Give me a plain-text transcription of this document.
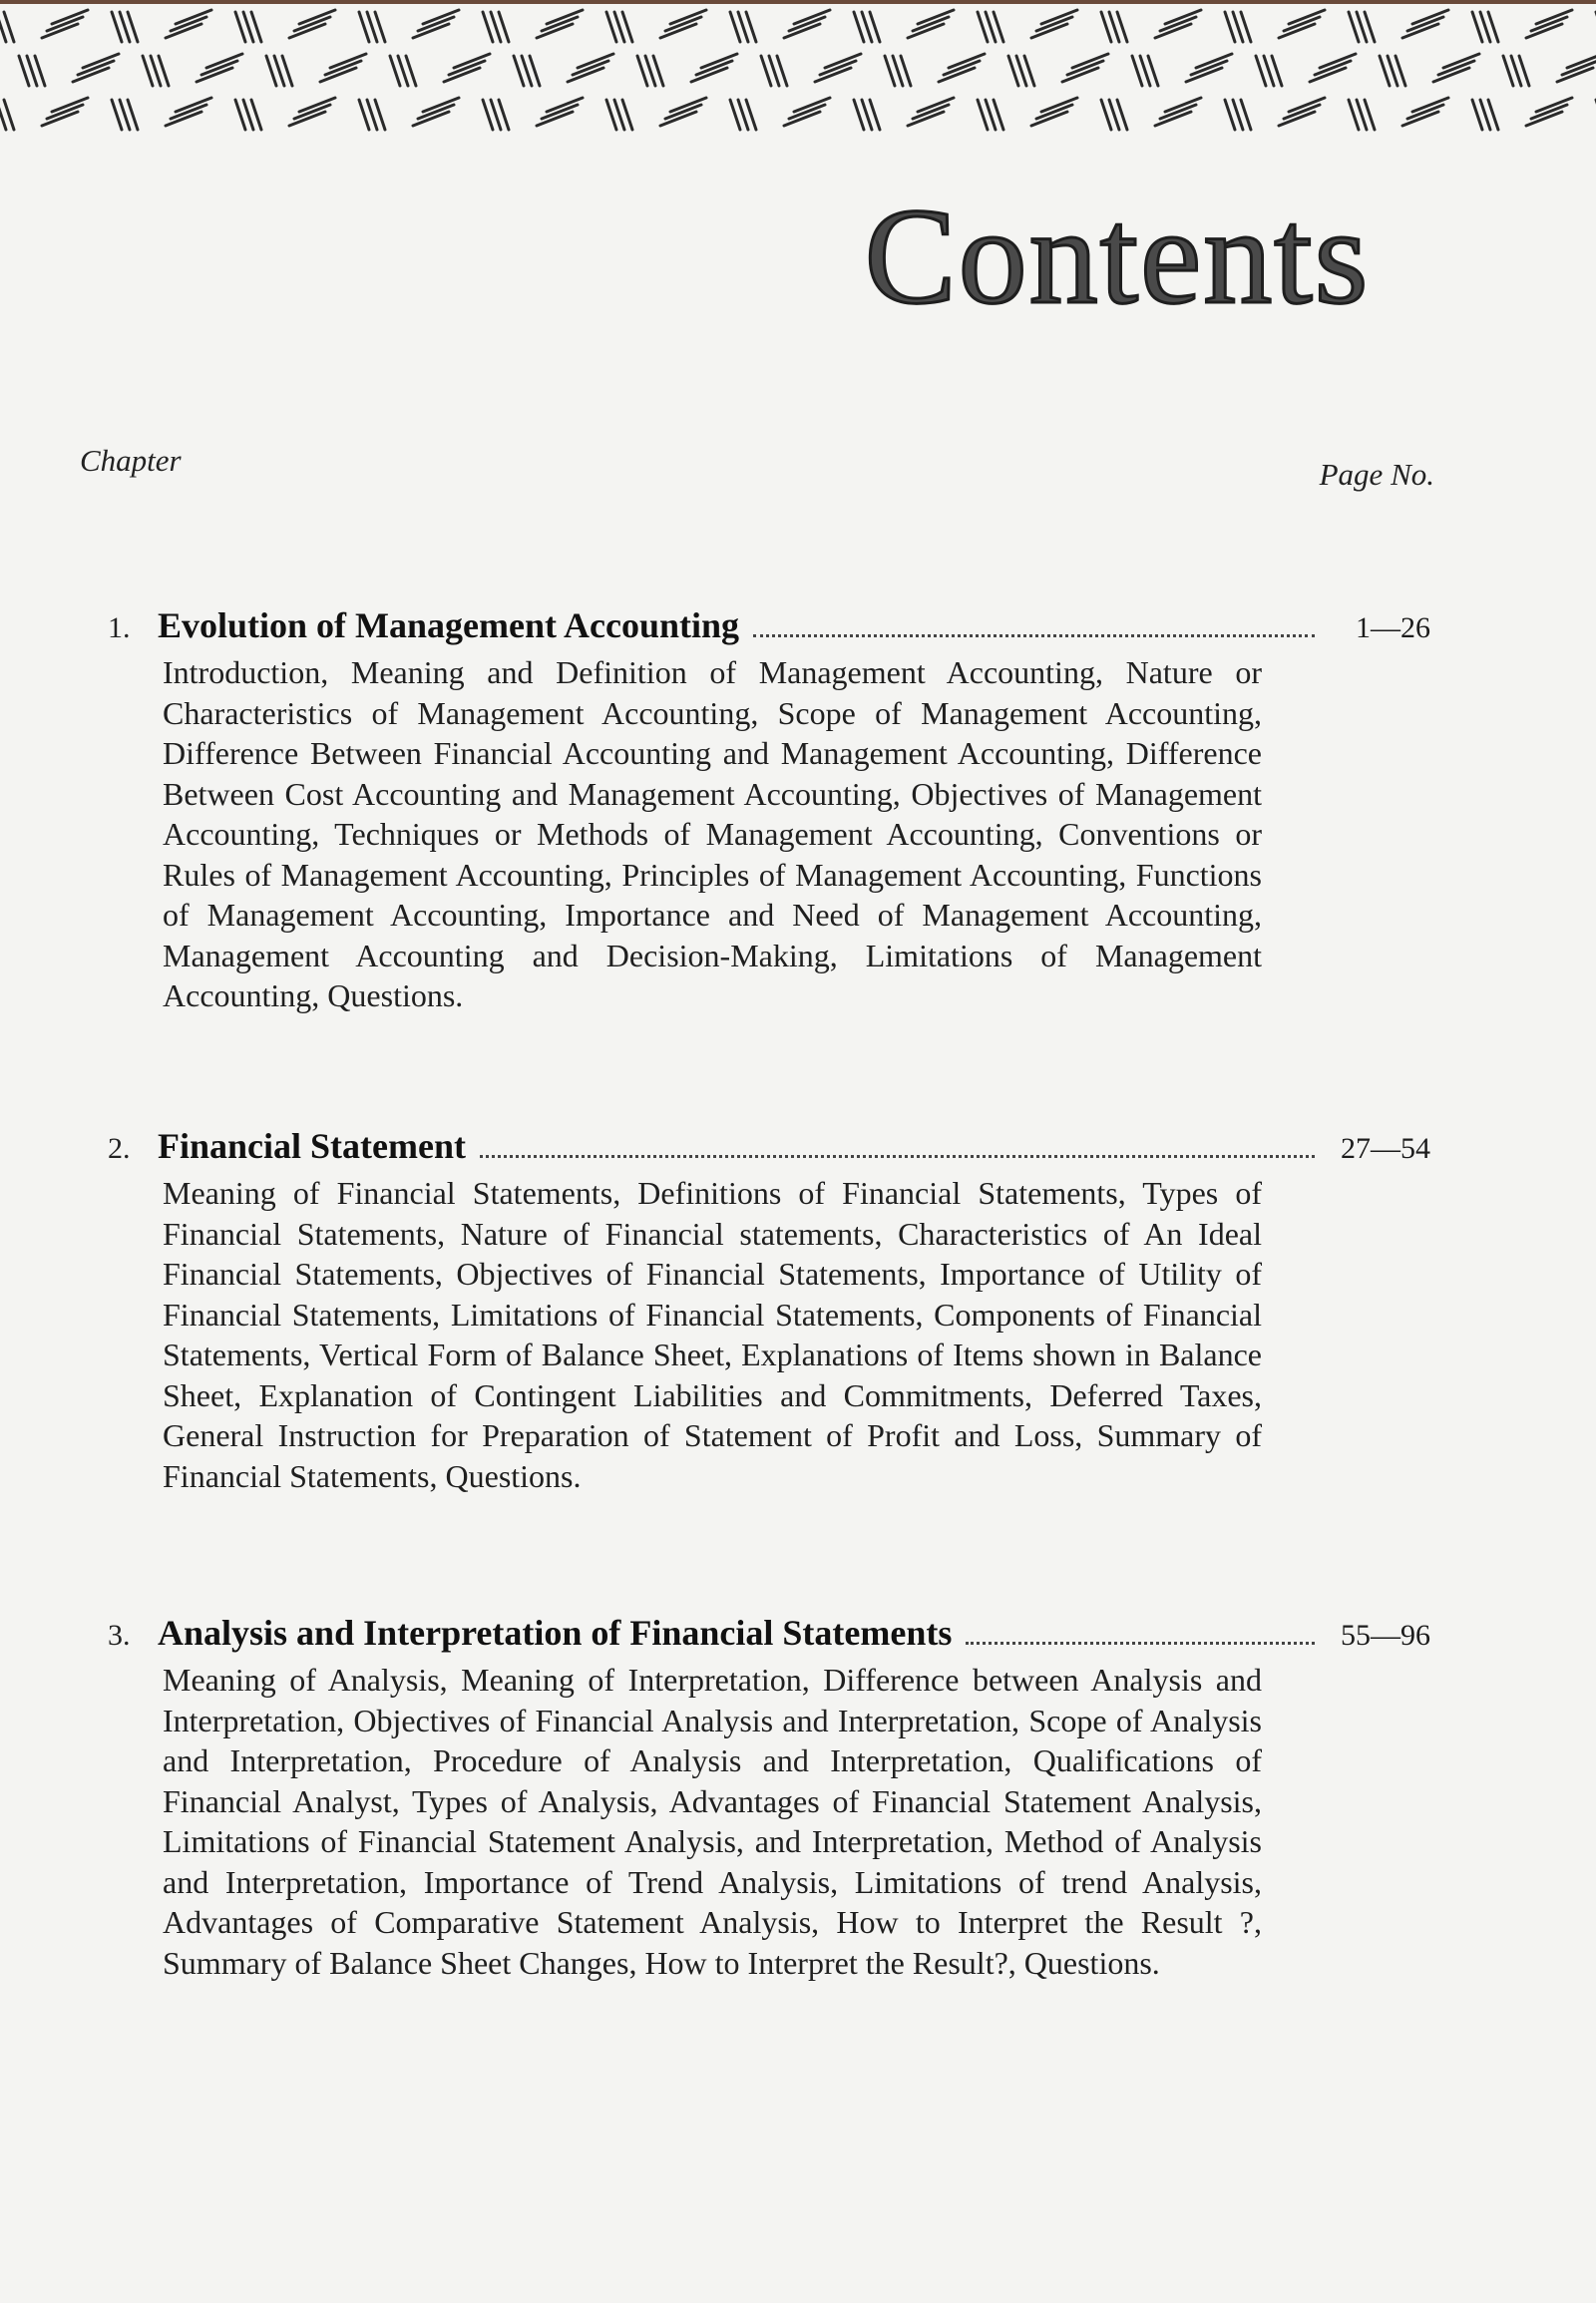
Contents
Chapter	Page No.
1. Evolution of Management Accounting	1—26
Introduction, Meaning and Definition of Management Accounting, Nature or Characteristics of Management Accounting, Scope of Management Accounting, Difference Between Financial Accounting and Management Accounting, Difference Between Cost Accounting and Management Accounting, Objectives of Management Accounting, Techniques or Methods of Management Accounting, Conventions or Rules of Management Accounting, Principles of Management Accounting, Functions of Management Accounting, Importance and Need of Management Accounting, Management Accounting and Decision-Making, Limitations of Management Accounting, Questions.
2. Financial Statement	27—54
Meaning of Financial Statements, Definitions of Financial Statements, Types of Financial Statements, Nature of Financial statements, Characteristics of An Ideal Financial Statements, Objectives of Financial Statements, Importance of Utility of Financial Statements, Limitations of Financial Statements, Components of Financial Statements, Vertical Form of Balance Sheet, Explanations of Items shown in Balance Sheet, Explanation of Contingent Liabilities and Commitments, Deferred Taxes, General Instruction for Preparation of Statement of Profit and Loss, Summary of Financial Statements, Questions.
3. Analysis and Interpretation of Financial Statements	55—96
Meaning of Analysis, Meaning of Interpretation, Difference between Analysis and Interpretation, Objectives of Financial Analysis and Interpretation, Scope of Analysis and Interpretation, Procedure of Analysis and Interpretation, Qualifications of Financial Analyst, Types of Analysis, Advantages of Financial Statement Analysis, Limitations of Financial Statement Analysis, and Interpretation, Method of Analysis and Interpretation, Importance of Trend Analysis, Limitations of trend Analysis, Advantages of Comparative Statement Analysis, How to Interpret the Result ?, Summary of Balance Sheet Changes, How to Interpret the Result?, Questions.
